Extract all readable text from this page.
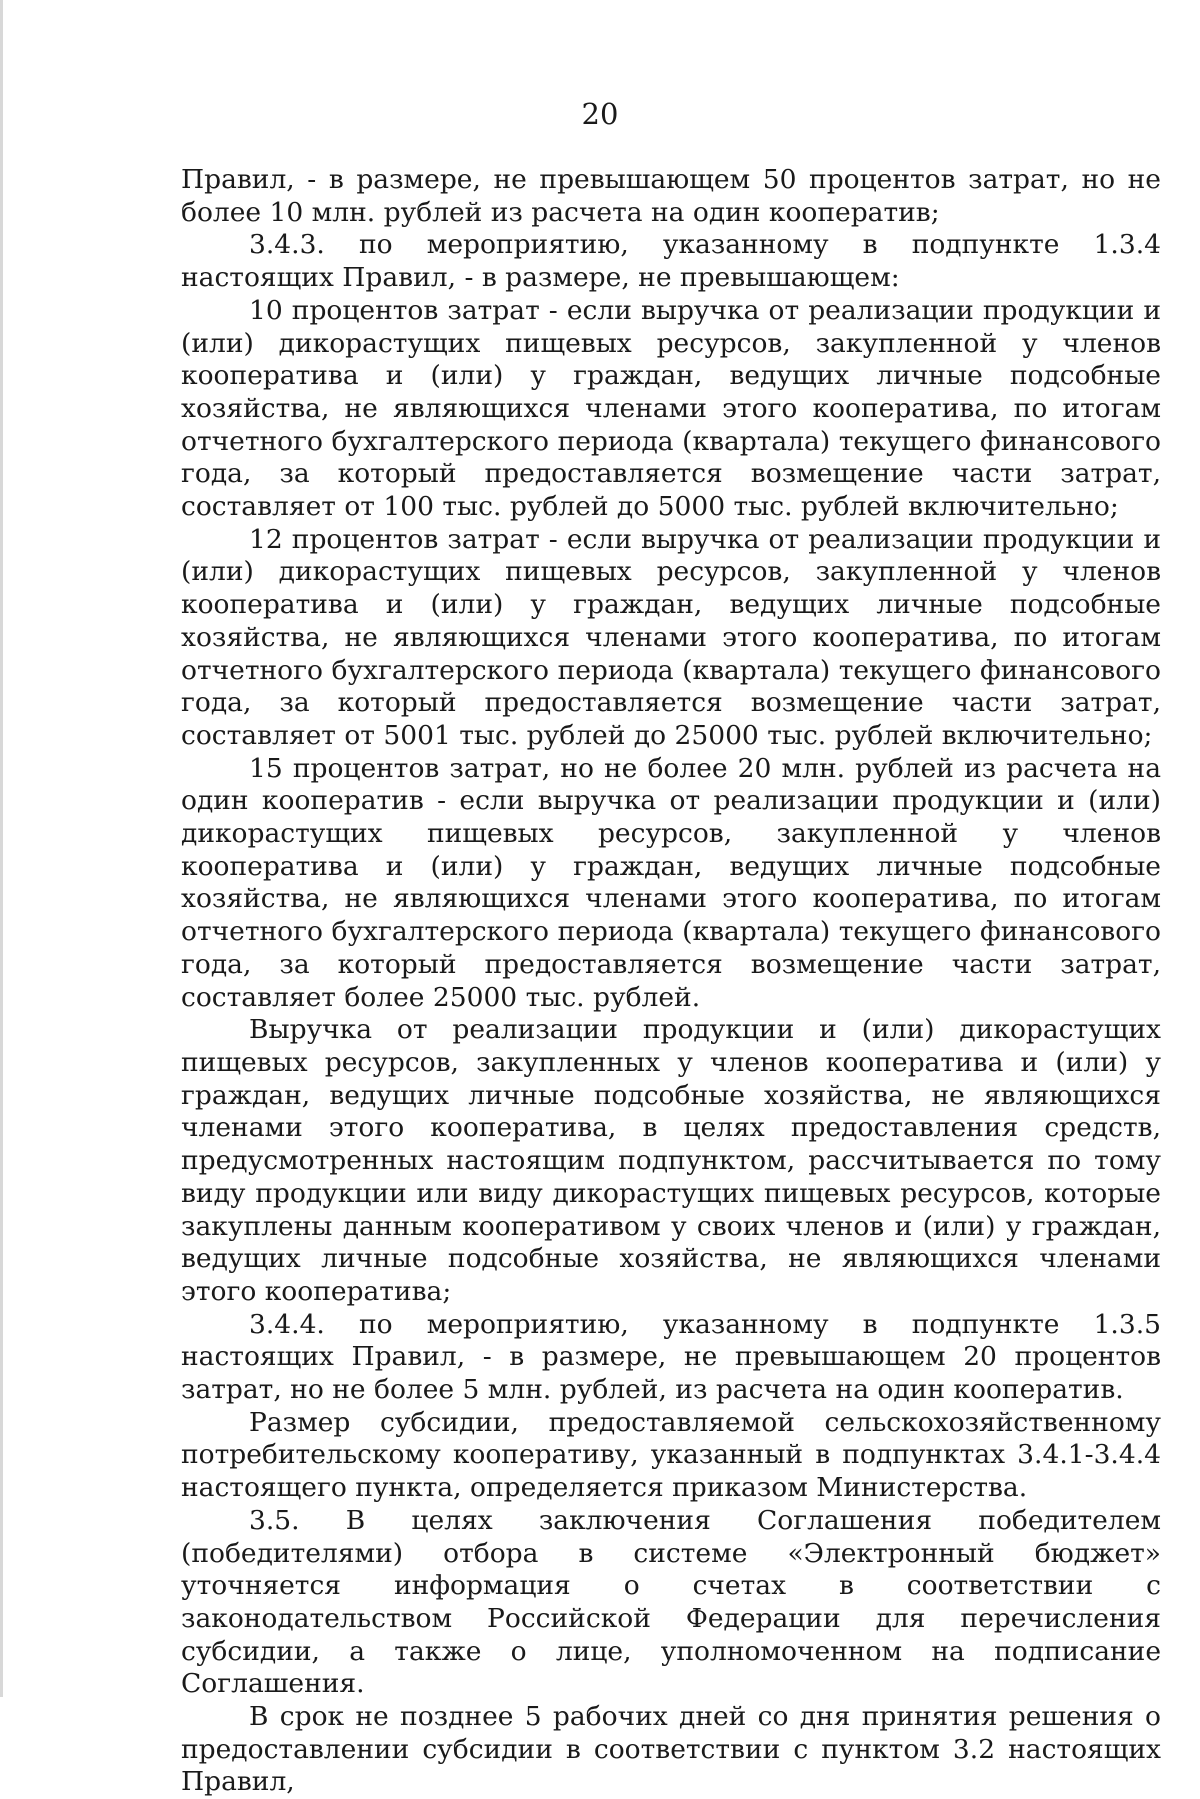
20

Правил, - в размере, не превышающем 50 процентов затрат, но не более 10 млн. рублей из расчета на один кооператив;

3.4.3. по мероприятию, указанному в подпункте 1.3.4 настоящих Правил, - в размере, не превышающем:

10 процентов затрат - если выручка от реализации продукции и (или) дикорастущих пищевых ресурсов, закупленной у членов кооператива и (или) у граждан, ведущих личные подсобные хозяйства, не являющихся членами этого кооператива, по итогам отчетного бухгалтерского периода (квартала) текущего финансового года, за который предоставляется возмещение части затрат, составляет от 100 тыс. рублей до 5000 тыс. рублей включительно;

12 процентов затрат - если выручка от реализации продукции и (или) дикорастущих пищевых ресурсов, закупленной у членов кооператива и (или) у граждан, ведущих личные подсобные хозяйства, не являющихся членами этого кооператива, по итогам отчетного бухгалтерского периода (квартала) текущего финансового года, за который предоставляется возмещение части затрат, составляет от 5001 тыс. рублей до 25000 тыс. рублей включительно;

15 процентов затрат, но не более 20 млн. рублей из расчета на один кооператив - если выручка от реализации продукции и (или) дикорастущих пищевых ресурсов, закупленной у членов кооператива и (или) у граждан, ведущих личные подсобные хозяйства, не являющихся членами этого кооператива, по итогам отчетного бухгалтерского периода (квартала) текущего финансового года, за который предоставляется возмещение части затрат, составляет более 25000 тыс. рублей.

Выручка от реализации продукции и (или) дикорастущих пищевых ресурсов, закупленных у членов кооператива и (или) у граждан, ведущих личные подсобные хозяйства, не являющихся членами этого кооператива, в целях предоставления средств, предусмотренных настоящим подпунктом, рассчитывается по тому виду продукции или виду дикорастущих пищевых ресурсов, которые закуплены данным кооперативом у своих членов и (или) у граждан, ведущих личные подсобные хозяйства, не являющихся членами этого кооператива;

3.4.4. по мероприятию, указанному в подпункте 1.3.5 настоящих Правил, - в размере, не превышающем 20 процентов затрат, но не более 5 млн. рублей, из расчета на один кооператив.

Размер субсидии, предоставляемой сельскохозяйственному потребительскому кооперативу, указанный в подпунктах 3.4.1-3.4.4 настоящего пункта, определяется приказом Министерства.

3.5. В целях заключения Соглашения победителем (победителями) отбора в системе «Электронный бюджет» уточняется информация о счетах в соответствии с законодательством Российской Федерации для перечисления субсидии, а также о лице, уполномоченном на подписание Соглашения.

В срок не позднее 5 рабочих дней со дня принятия решения о предоставлении субсидии в соответствии с пунктом 3.2 настоящих Правил,
